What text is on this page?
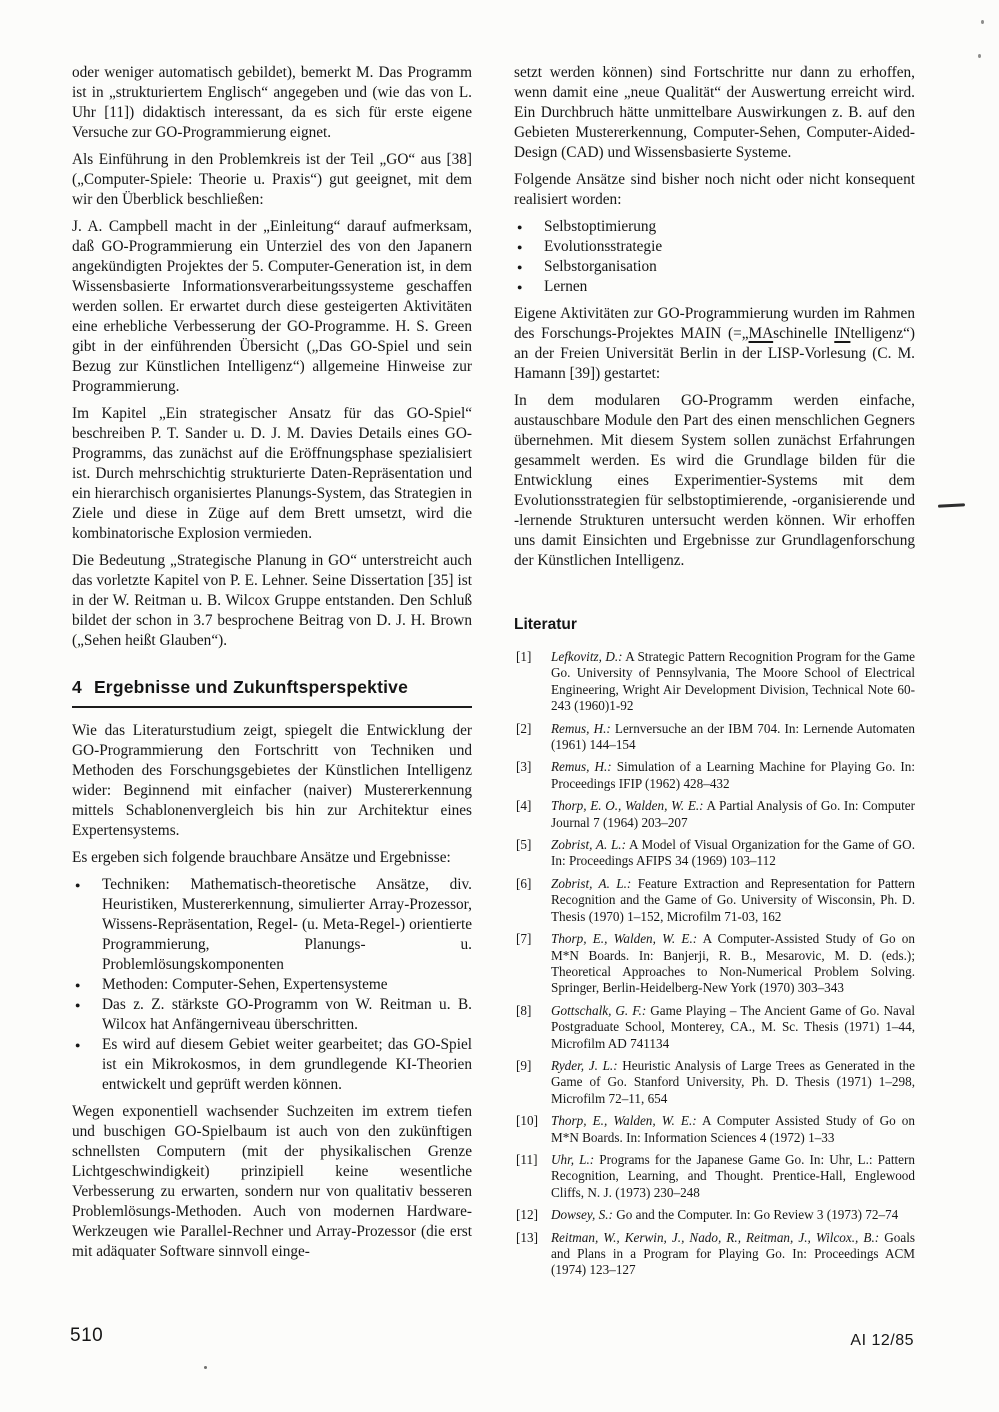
oder weniger automatisch gebildet), bemerkt M. Das Programm ist in „strukturiertem Englisch“ angegeben und (wie das von L. Uhr [11]) didaktisch interessant, da es sich für erste eigene Versuche zur GO-Programmierung eignet.

Als Einführung in den Problemkreis ist der Teil „GO“ aus [38] („Computer-Spiele: Theorie u. Praxis“) gut geeignet, mit dem wir den Überblick beschließen:

J. A. Campbell macht in der „Einleitung“ darauf aufmerksam, daß GO-Programmierung ein Unterziel des von den Japanern angekündigten Projektes der 5. Computer-Generation ist, in dem Wissensbasierte Informationsverarbeitungssysteme geschaffen werden sollen. Er erwartet durch diese gesteigerten Aktivitäten eine erhebliche Verbesserung der GO-Programme. H. S. Green gibt in der einführenden Übersicht („Das GO-Spiel und sein Bezug zur Künstlichen Intelligenz“) allgemeine Hinweise zur Programmierung.

Im Kapitel „Ein strategischer Ansatz für das GO-Spiel“ beschreiben P. T. Sander u. D. J. M. Davies Details eines GO-Programms, das zunächst auf die Eröffnungsphase spezialisiert ist. Durch mehrschichtig strukturierte Daten-Repräsentation und ein hierarchisch organisiertes Planungs-System, das Strategien in Ziele und diese in Züge auf dem Brett umsetzt, wird die kombinatorische Explosion vermieden.

Die Bedeutung „Strategische Planung in GO“ unterstreicht auch das vorletzte Kapitel von P. E. Lehner. Seine Dissertation [35] ist in der W. Reitman u. B. Wilcox Gruppe entstanden. Den Schluß bildet der schon in 3.7 besprochene Beitrag von D. J. H. Brown („Sehen heißt Glauben“).

4 Ergebnisse und Zukunftsperspektive

Wie das Literaturstudium zeigt, spiegelt die Entwicklung der GO-Programmierung den Fortschritt von Techniken und Methoden des Forschungsgebietes der Künstlichen Intelligenz wider: Beginnend mit einfacher (naiver) Mustererkennung mittels Schablonenvergleich bis hin zur Architektur eines Expertensystems.

Es ergeben sich folgende brauchbare Ansätze und Ergebnisse:

●	Techniken: Mathematisch-theoretische Ansätze, div. Heuristiken, Mustererkennung, simulierter Array-Prozessor, Wissens-Repräsentation, Regel- (u. Meta-Regel-) orientierte Programmierung, Planungs- u. Problemlösungskomponenten
●	Methoden: Computer-Sehen, Expertensysteme
●	Das z. Z. stärkste GO-Programm von W. Reitman u. B. Wilcox hat Anfängerniveau überschritten.
●	Es wird auf diesem Gebiet weiter gearbeitet; das GO-Spiel ist ein Mikrokosmos, in dem grundlegende KI-Theorien entwickelt und geprüft werden können.

Wegen exponentiell wachsender Suchzeiten im extrem tiefen und buschigen GO-Spielbaum ist auch von den zukünftigen schnellsten Computern (mit der physikalischen Grenze Lichtgeschwindigkeit) prinzipiell keine wesentliche Verbesserung zu erwarten, sondern nur von qualitativ besseren Problemlösungs-Methoden. Auch von modernen Hardware-Werkzeugen wie Parallel-Rechner und Array-Prozessor (die erst mit adäquater Software sinnvoll einge-

setzt werden können) sind Fortschritte nur dann zu erhoffen, wenn damit eine „neue Qualität“ der Auswertung erreicht wird. Ein Durchbruch hätte unmittelbare Auswirkungen z. B. auf den Gebieten Mustererkennung, Computer-Sehen, Computer-Aided-Design (CAD) und Wissensbasierte Systeme.

Folgende Ansätze sind bisher noch nicht oder nicht konsequent realisiert worden:

●	Selbstoptimierung
●	Evolutionsstrategie
●	Selbstorganisation
●	Lernen

Eigene Aktivitäten zur GO-Programmierung wurden im Rahmen des Forschungs-Projektes MAIN (=„MAschinelle INtelligenz“) an der Freien Universität Berlin in der LISP-Vorlesung (C. M. Hamann [39]) gestartet:

In dem modularen GO-Programm werden einfache, austauschbare Module den Part des einen menschlichen Gegners übernehmen. Mit diesem System sollen zunächst Erfahrungen gesammelt werden. Es wird die Grundlage bilden für die Entwicklung eines Experimentier-Systems mit dem Evolutionsstrategien für selbstoptimierende, -organisierende und -lernende Strukturen untersucht werden können. Wir erhoffen uns damit Einsichten und Ergebnisse zur Grundlagenforschung der Künstlichen Intelligenz.

Literatur
[1]	Lefkovitz, D.: A Strategic Pattern Recognition Program for the Game Go. University of Pennsylvania, The Moore School of Electrical Engineering, Wright Air Development Division, Technical Note 60-243 (1960)1-92
[2]	Remus, H.: Lernversuche an der IBM 704. In: Lernende Automaten (1961) 144–154
[3]	Remus, H.: Simulation of a Learning Machine for Playing Go. In: Proceedings IFIP (1962) 428–432
[4]	Thorp, E. O., Walden, W. E.: A Partial Analysis of Go. In: Computer Journal 7 (1964) 203–207
[5]	Zobrist, A. L.: A Model of Visual Organization for the Game of GO. In: Proceedings AFIPS 34 (1969) 103–112
[6]	Zobrist, A. L.: Feature Extraction and Representation for Pattern Recognition and the Game of Go. University of Wisconsin, Ph. D. Thesis (1970) 1–152, Microfilm 71-03, 162
[7]	Thorp, E., Walden, W. E.: A Computer-Assisted Study of Go on M*N Boards. In: Banjerji, R. B., Mesarovic, M. D. (eds.); Theoretical Approaches to Non-Numerical Problem Solving. Springer, Berlin-Heidelberg-New York (1970) 303–343
[8]	Gottschalk, G. F.: Game Playing – The Ancient Game of Go. Naval Postgraduate School, Monterey, CA., M. Sc. Thesis (1971) 1–44, Microfilm AD 741134
[9]	Ryder, J. L.: Heuristic Analysis of Large Trees as Generated in the Game of Go. Stanford University, Ph. D. Thesis (1971) 1–298, Microfilm 72–11, 654
[10] Thorp, E., Walden, W. E.: A Computer Assisted Study of Go on M*N Boards. In: Information Sciences 4 (1972) 1–33
[11]	Uhr, L.: Programs for the Japanese Game Go. In: Uhr, L.: Pattern Recognition, Learning, and Thought. Prentice-Hall, Englewood Cliffs, N. J. (1973) 230–248
[12] Dowsey, S.: Go and the Computer. In: Go Review 3 (1973) 72–74
[13] Reitman, W., Kerwin, J., Nado, R., Reitman, J., Wilcox., B.: Goals and Plans in a Program for Playing Go. In: Proceedings ACM (1974) 123–127
510	AI 12/85
